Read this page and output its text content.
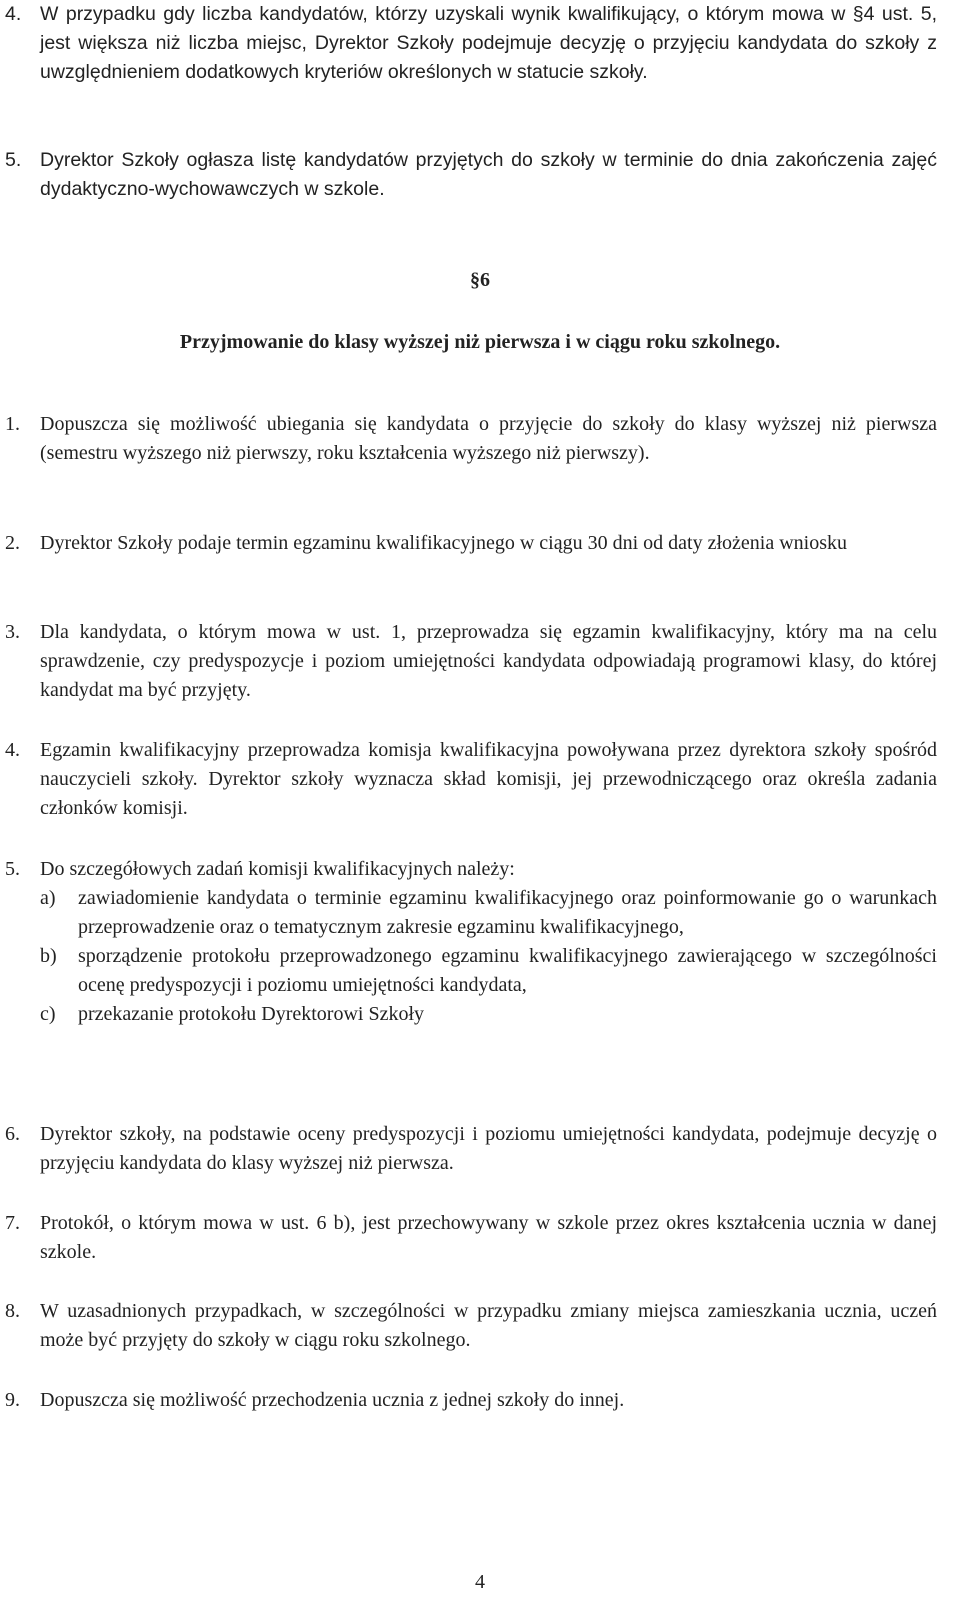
4. W przypadku gdy liczba kandydatów, którzy uzyskali wynik kwalifikujący, o którym mowa w §4 ust. 5, jest większa niż liczba miejsc, Dyrektor Szkoły podejmuje decyzję o przyjęciu kandydata do szkoły z uwzględnieniem dodatkowych kryteriów określonych w statucie szkoły.
5. Dyrektor Szkoły ogłasza listę kandydatów przyjętych do szkoły w terminie do dnia zakończenia zajęć dydaktyczno-wychowawczych w szkole.
§6
Przyjmowanie do klasy wyższej niż pierwsza i w ciągu roku szkolnego.
1. Dopuszcza się możliwość ubiegania się kandydata o przyjęcie do szkoły do klasy wyższej niż pierwsza (semestru wyższego niż pierwszy, roku kształcenia wyższego niż pierwszy).
2. Dyrektor Szkoły podaje termin egzaminu kwalifikacyjnego w ciągu 30 dni od daty złożenia wniosku
3. Dla kandydata, o którym mowa w ust. 1, przeprowadza się egzamin kwalifikacyjny, który ma na celu sprawdzenie, czy predyspozycje i poziom umiejętności kandydata odpowiadają programowi klasy, do której kandydat ma być przyjęty.
4. Egzamin kwalifikacyjny przeprowadza komisja kwalifikacyjna powoływana przez dyrektora szkoły spośród nauczycieli szkoły. Dyrektor szkoły wyznacza skład komisji, jej przewodniczącego oraz określa zadania członków komisji.
5. Do szczegółowych zadań komisji kwalifikacyjnych należy:
a) zawiadomienie kandydata o terminie egzaminu kwalifikacyjnego oraz poinformowanie go o warunkach przeprowadzenie oraz o tematycznym zakresie egzaminu kwalifikacyjnego,
b) sporządzenie protokołu przeprowadzonego egzaminu kwalifikacyjnego zawierającego w szczególności ocenę predyspozycji i poziomu umiejętności kandydata,
c) przekazanie protokołu Dyrektorowi Szkoły
6. Dyrektor szkoły, na podstawie oceny predyspozycji i poziomu umiejętności kandydata, podejmuje decyzję o przyjęciu kandydata do klasy wyższej niż pierwsza.
7. Protokół, o którym mowa w ust. 6 b), jest przechowywany w szkole przez okres kształcenia ucznia w danej szkole.
8. W uzasadnionych przypadkach, w szczególności w przypadku zmiany miejsca zamieszkania ucznia, uczeń może być przyjęty do szkoły w ciągu roku szkolnego.
9. Dopuszcza się możliwość przechodzenia ucznia z jednej szkoły do innej.
4
